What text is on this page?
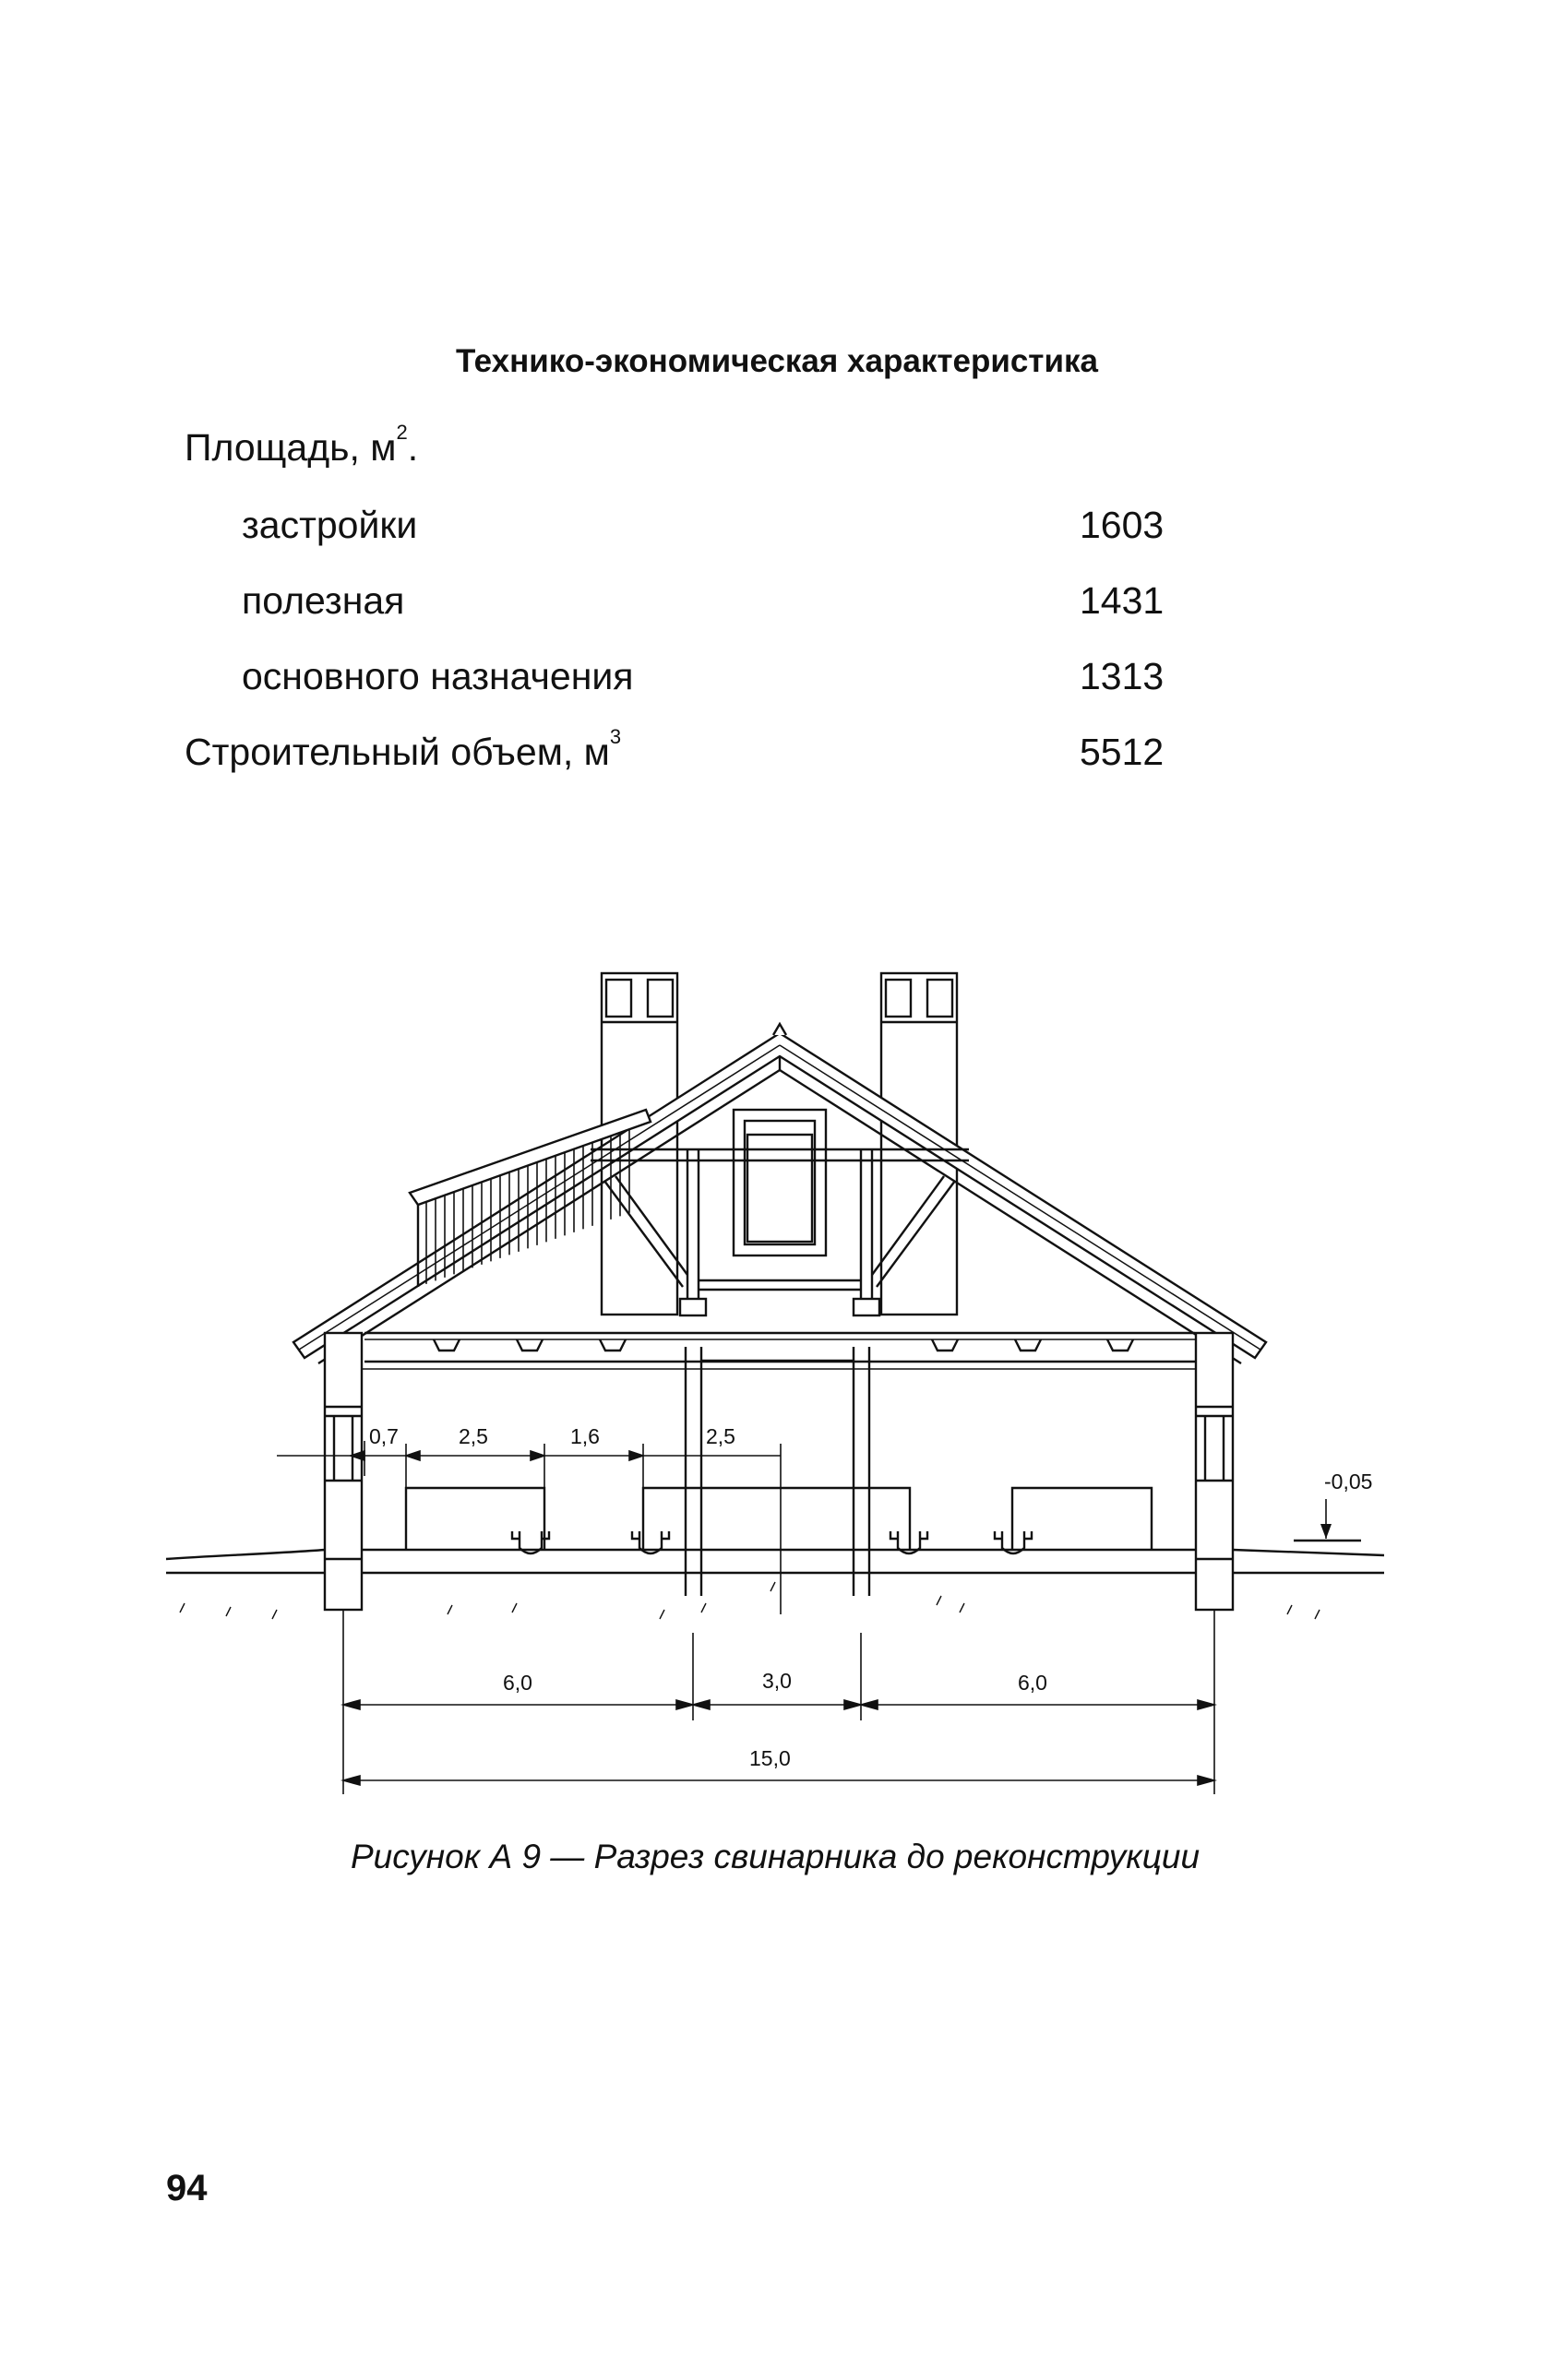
Технико-экономическая характеристика
Площадь, $м^2$.
застройки	1603
полезная	1431
основного назначения	1313
Строительный объем, $м^3$	5512
0,7	2,5	1,6	2,5
-0,05
6,0	3,0	6,0
15,0
Рисунок А 9 — Разрез свинарника до реконструкции
94
